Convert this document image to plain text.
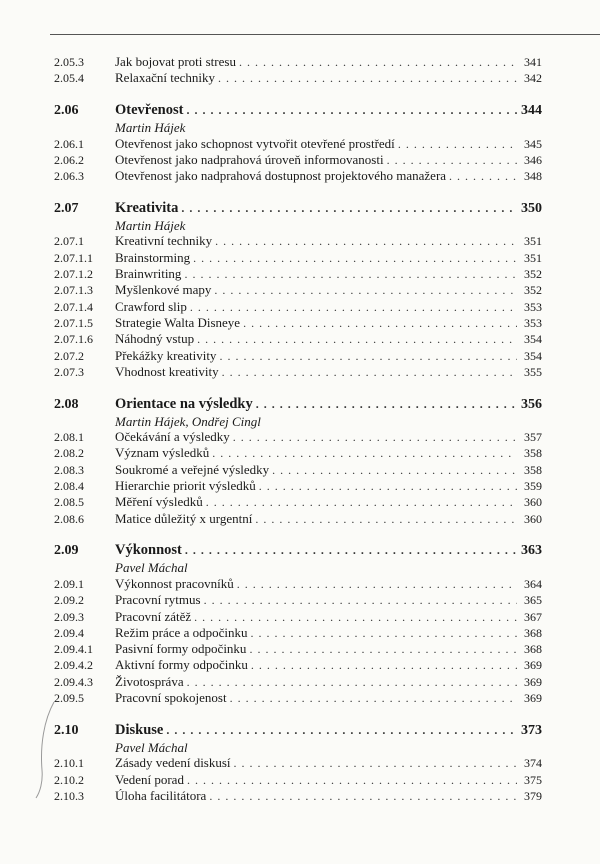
2.05.3	Jak bojovat proti stresu . . .	341
2.05.4	Relaxační techniky . . .	342
2.06	Otevřenost . . .	344
Martin Hájek
2.06.1	Otevřenost jako schopnost vytvořit otevřené prostředí . . .	345
2.06.2	Otevřenost jako nadprahová úroveň informovanosti . . .	346
2.06.3	Otevřenost jako nadprahová dostupnost projektového manažera . . .	348
2.07	Kreativita . . .	350
Martin Hájek
2.07.1	Kreativní techniky . . .	351
2.07.1.1	Brainstorming . . .	351
2.07.1.2	Brainwriting . . .	352
2.07.1.3	Myšlenkové mapy . . .	352
2.07.1.4	Crawford slip . . .	353
2.07.1.5	Strategie Walta Disneye . . .	353
2.07.1.6	Náhodný vstup . . .	354
2.07.2	Překážky kreativity . . .	354
2.07.3	Vhodnost kreativity . . .	355
2.08	Orientace na výsledky . . .	356
Martin Hájek, Ondřej Cingl
2.08.1	Očekávání a výsledky . . .	357
2.08.2	Význam výsledků . . .	358
2.08.3	Soukromé a veřejné výsledky . . .	358
2.08.4	Hierarchie priorit výsledků . . .	359
2.08.5	Měření výsledků . . .	360
2.08.6	Matice důležitý x urgentní . . .	360
2.09	Výkonnost . . .	363
Pavel Máchal
2.09.1	Výkonnost pracovníků . . .	364
2.09.2	Pracovní rytmus . . .	365
2.09.3	Pracovní zátěž . . .	367
2.09.4	Režim práce a odpočinku . . .	368
2.09.4.1	Pasivní formy odpočinku . . .	368
2.09.4.2	Aktivní formy odpočinku . . .	369
2.09.4.3	Životospráva . . .	369
2.09.5	Pracovní spokojenost . . .	369
2.10	Diskuse . . .	373
Pavel Máchal
2.10.1	Zásady vedení diskusí . . .	374
2.10.2	Vedení porad . . .	375
2.10.3	Úloha facilitátora . . .	379
